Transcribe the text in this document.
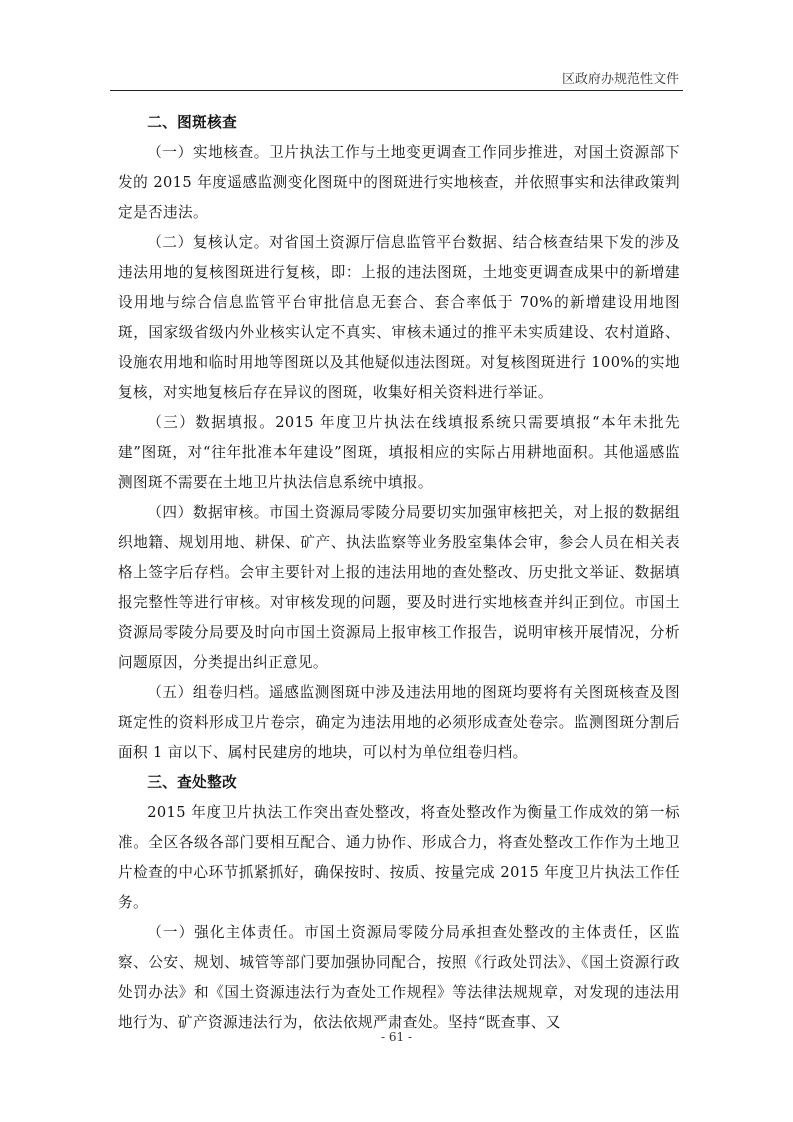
区政府办规范性文件

二、图斑核查

（一）实地核查。卫片执法工作与土地变更调查工作同步推进，对国土资源部下发的 2015 年度遥感监测变化图斑中的图斑进行实地核查，并依照事实和法律政策判定是否违法。

（二）复核认定。对省国土资源厅信息监管平台数据、结合核查结果下发的涉及违法用地的复核图斑进行复核，即：上报的违法图斑，土地变更调查成果中的新增建设用地与综合信息监管平台审批信息无套合、套合率低于 70%的新增建设用地图斑，国家级省级内外业核实认定不真实、审核未通过的推平未实质建设、农村道路、设施农用地和临时用地等图斑以及其他疑似违法图斑。对复核图斑进行 100%的实地复核，对实地复核后存在异议的图斑，收集好相关资料进行举证。

（三）数据填报。2015 年度卫片执法在线填报系统只需要填报“本年未批先建”图斑，对“往年批准本年建设”图斑，填报相应的实际占用耕地面积。其他遥感监测图斑不需要在土地卫片执法信息系统中填报。

（四）数据审核。市国土资源局零陵分局要切实加强审核把关，对上报的数据组织地籍、规划用地、耕保、矿产、执法监察等业务股室集体会审，参会人员在相关表格上签字后存档。会审主要针对上报的违法用地的查处整改、历史批文举证、数据填报完整性等进行审核。对审核发现的问题，要及时进行实地核查并纠正到位。市国土资源局零陵分局要及时向市国土资源局上报审核工作报告，说明审核开展情况，分析问题原因，分类提出纠正意见。

（五）组卷归档。遥感监测图斑中涉及违法用地的图斑均要将有关图斑核查及图斑定性的资料形成卫片卷宗，确定为违法用地的必须形成查处卷宗。监测图斑分割后面积 1 亩以下、属村民建房的地块，可以村为单位组卷归档。

三、查处整改

2015 年度卫片执法工作突出查处整改，将查处整改作为衡量工作成效的第一标准。全区各级各部门要相互配合、通力协作、形成合力，将查处整改工作作为土地卫片检查的中心环节抓紧抓好，确保按时、按质、按量完成 2015 年度卫片执法工作任务。

（一）强化主体责任。市国土资源局零陵分局承担查处整改的主体责任，区监察、公安、规划、城管等部门要加强协同配合，按照《行政处罚法》、《国土资源行政处罚办法》和《国土资源违法行为查处工作规程》等法律法规规章，对发现的违法用地行为、矿产资源违法行为，依法依规严肃查处。坚持“既查事、又

- 61 -
